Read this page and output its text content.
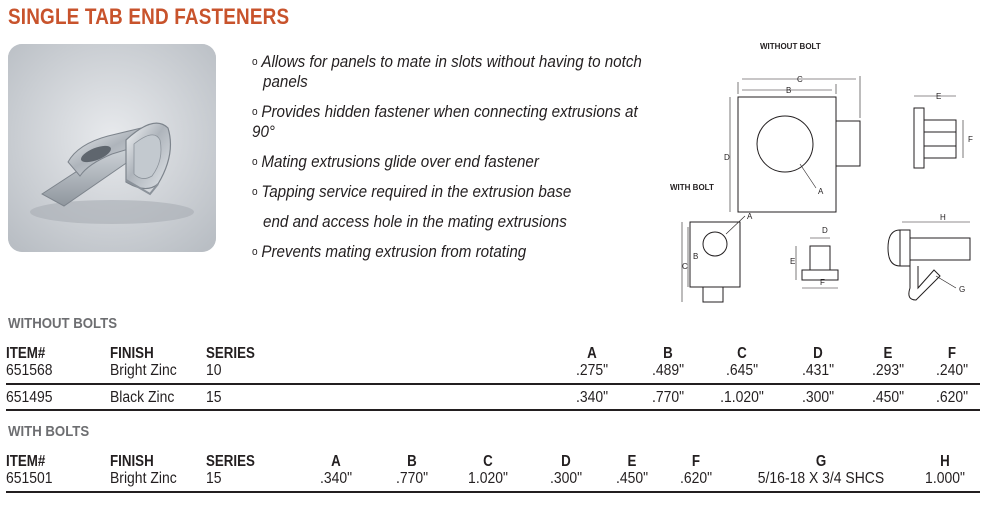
SINGLE TAB END FASTENERS
o Allows for panels to mate in slots without having to notch
panels
o Provides hidden fastener when connecting extrusions at 90°
o Mating extrusions glide over end fastener
o Tapping service required in the extrusion base
end and access hole in the mating extrusions
o Prevents mating extrusion from rotating
WITHOUT BOLT
WITH BOLT
C
B
D
A
E
F
A
C
B
D
E
F
H
G
WITHOUT BOLTS
ITEM#	FINISH	SERIES	A	B	C	D	E	F
651568	Bright Zinc 10	.275"	.489"	.645"	.431"	.293"	.240"
651495	Black Zinc 15	.340"	.770"	.1.020"	.300"	.450"	.620"
WITH BOLTS
ITEM#	FINISH	SERIES	A	B	C	D	E	F	G	H
651501	Bright Zinc 15	.340"	.770"	1.020"	.300"	.450"	.620"	5/16-18 X 3/4 SHCS	1.000"
